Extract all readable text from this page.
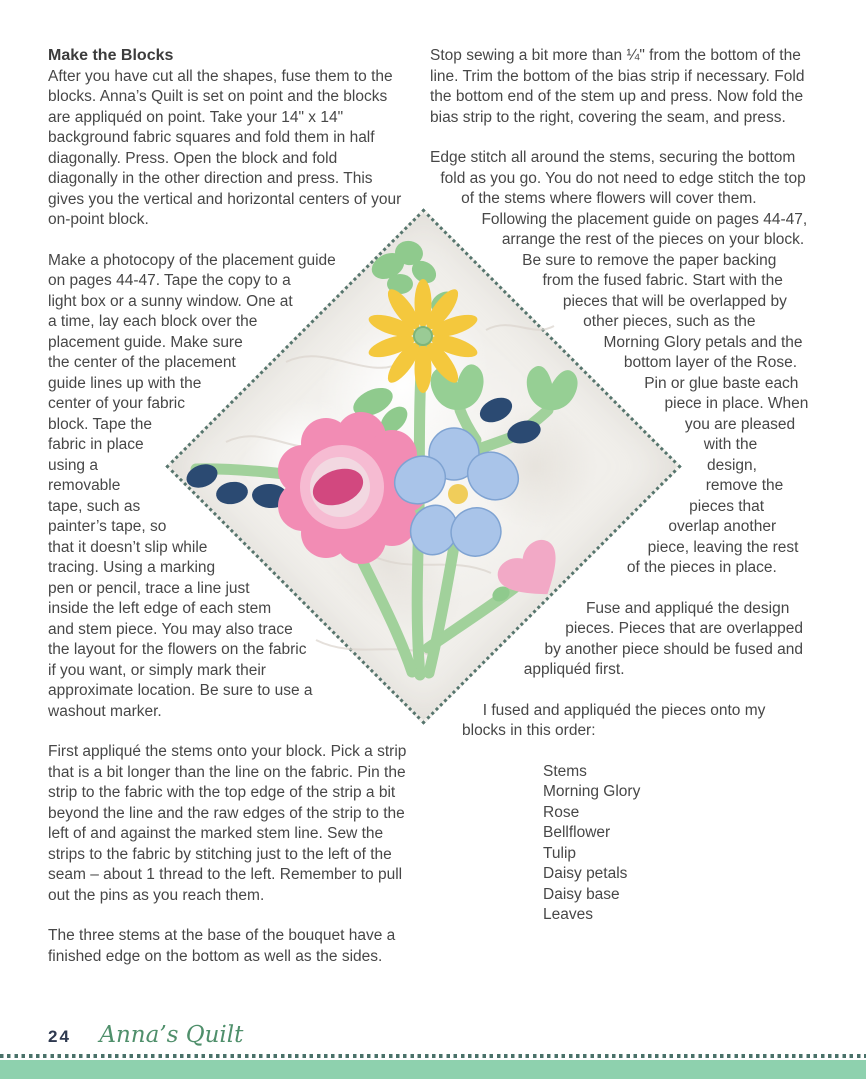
Make the Blocks

After you have cut all the shapes, fuse them to the blocks. Anna’s Quilt is set on point and the blocks are appliquéd on point. Take your 14" x 14" background fabric squares and fold them in half diagonally. Press. Open the block and fold diagonally in the other direction and press. This gives you the vertical and horizontal centers of your on-point block.

Make a photocopy of the placement guide on pages 44-47. Tape the copy to a light box or a sunny window. One at a time, lay each block over the placement guide. Make sure the center of the placement guide lines up with the center of your fabric block. Tape the fabric in place using a removable tape, such as painter’s tape, so that it doesn’t slip while tracing. Using a marking pen or pencil, trace a line just inside the left edge of each stem and stem piece. You may also trace the layout for the flowers on the fabric if you want, or simply mark their approximate location. Be sure to use a washout marker.

First appliqué the stems onto your block. Pick a strip that is a bit longer than the line on the fabric. Pin the strip to the fabric with the top edge of the strip a bit beyond the line and the raw edges of the strip to the left of and against the marked stem line. Sew the strips to the fabric by stitching just to the left of the seam – about 1 thread to the left. Remember to pull out the pins as you reach them.

The three stems at the base of the bouquet have a finished edge on the bottom as well as the sides.

Stop sewing a bit more than ¼" from the bottom of the line. Trim the bottom of the bias strip if necessary. Fold the bottom end of the stem up and press. Now fold the bias strip to the right, covering the seam, and press.

Edge stitch all around the stems, securing the bottom fold as you go. You do not need to edge stitch the top of the stems where flowers will cover them. Following the placement guide on pages 44-47, arrange the rest of the pieces on your block. Be sure to remove the paper backing from the fused fabric. Start with the pieces that will be overlapped by other pieces, such as the Morning Glory petals and the bottom layer of the Rose. Pin or glue baste each piece in place. When you are pleased with the design, remove the pieces that overlap another piece, leaving the rest of the pieces in place.

Fuse and appliqué the design pieces. Pieces that are overlapped by another piece should be fused and appliquéd first.

I fused and appliquéd the pieces onto my blocks in this order:

Stems
Morning Glory
Rose
Bellflower
Tulip
Daisy petals
Daisy base
Leaves
24 Anna’s Quilt
